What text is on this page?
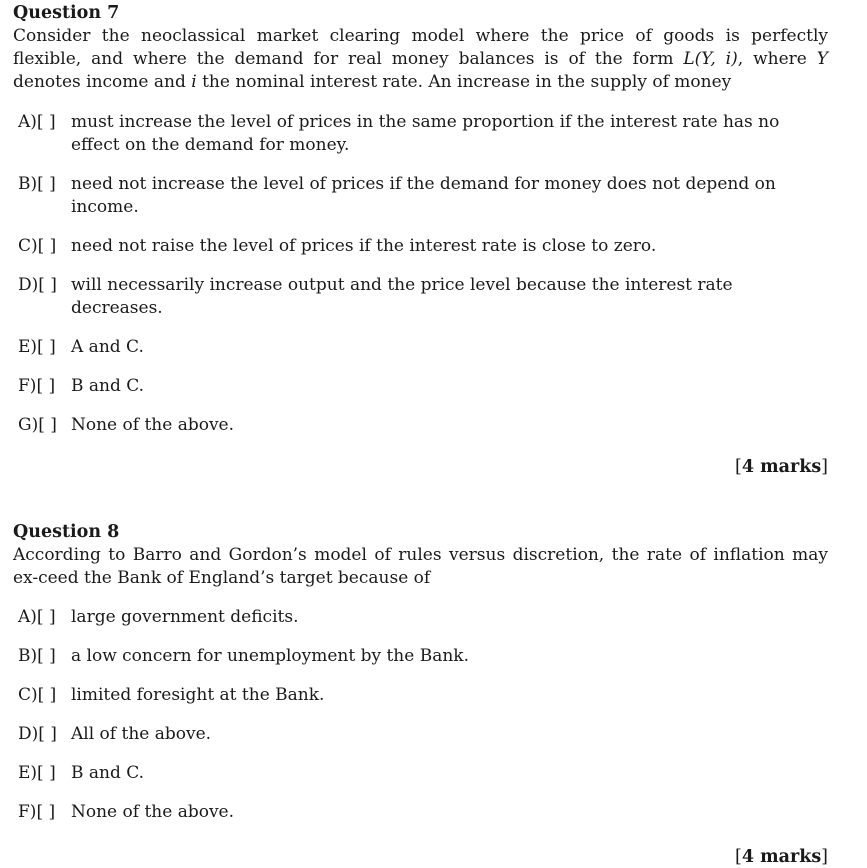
Question 7

Consider the neoclassical market clearing model where the price of goods is perfectly flexible, and where the demand for real money balances is of the form L(Y, i), where Y denotes income and i the nominal interest rate. An increase in the supply of money

A)[ ] must increase the level of prices in the same proportion if the interest rate has no effect on the demand for money.
B)[ ] need not increase the level of prices if the demand for money does not depend on income.
C)[ ] need not raise the level of prices if the interest rate is close to zero.
D)[ ] will necessarily increase output and the price level because the interest rate decreases.
E)[ ] A and C.
F)[ ] B and C.
G)[ ] None of the above.

[4 marks]

Question 8

According to Barro and Gordon’s model of rules versus discretion, the rate of inflation may ex-ceed the Bank of England’s target because of

A)[ ] large government deficits.
B)[ ] a low concern for unemployment by the Bank.
C)[ ] limited foresight at the Bank.
D)[ ] All of the above.
E)[ ] B and C.
F)[ ] None of the above.

[4 marks]
